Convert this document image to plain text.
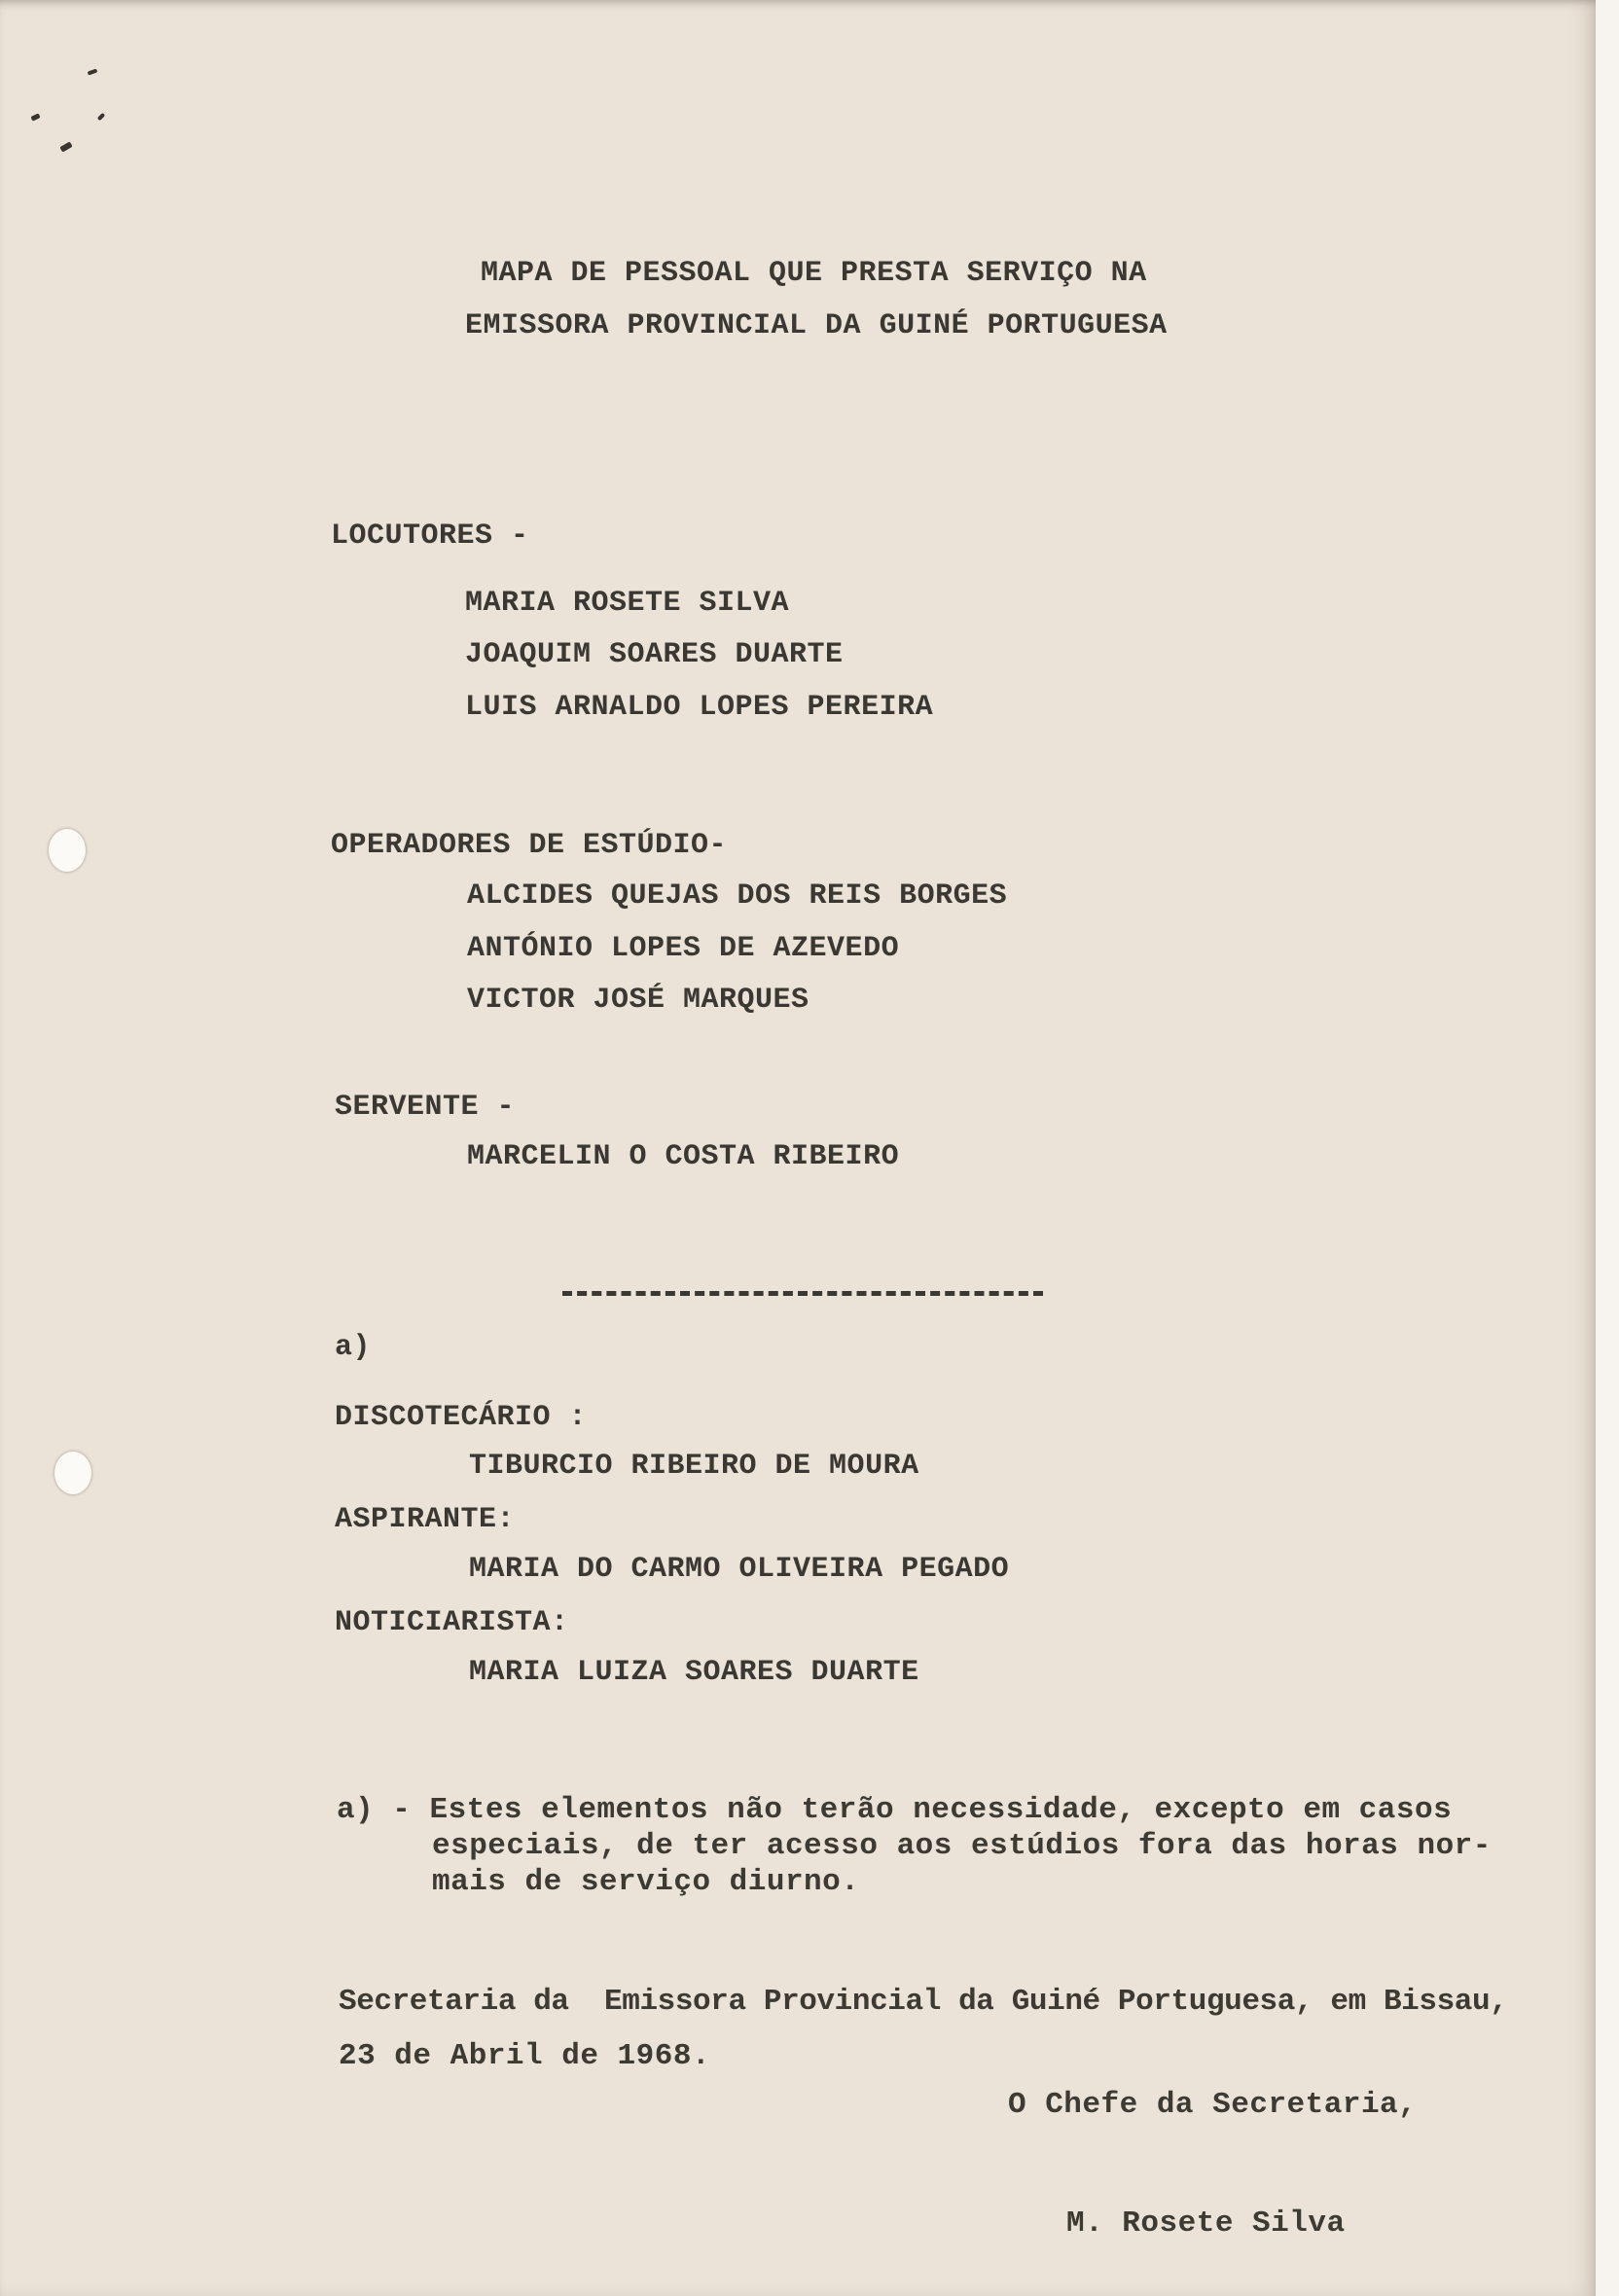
MAPA DE PESSOAL QUE PRESTA SERVIÇO NA
EMISSORA PROVINCIAL DA GUINÉ PORTUGUESA
LOCUTORES -
MARIA ROSETE SILVA
JOAQUIM SOARES DUARTE
LUIS ARNALDO LOPES PEREIRA
OPERADORES DE ESTÚDIO-
ALCIDES QUEJAS DOS REIS BORGES
ANTÓNIO LOPES DE AZEVEDO
VICTOR JOSÉ MARQUES
SERVENTE -
MARCELIN O COSTA RIBEIRO
a)
DISCOTECÁRIO :
TIBURCIO RIBEIRO DE MOURA
ASPIRANTE:
MARIA DO CARMO OLIVEIRA PEGADO
NOTICIARISTA:
MARIA LUIZA SOARES DUARTE
a) - Estes elementos não terão necessidade, excepto em casos
especiais, de ter acesso aos estúdios fora das horas nor-
mais de serviço diurno.
Secretaria da  Emissora Provincial da Guiné Portuguesa, em Bissau,
23 de Abril de 1968.
O Chefe da Secretaria,
M. Rosete Silva
